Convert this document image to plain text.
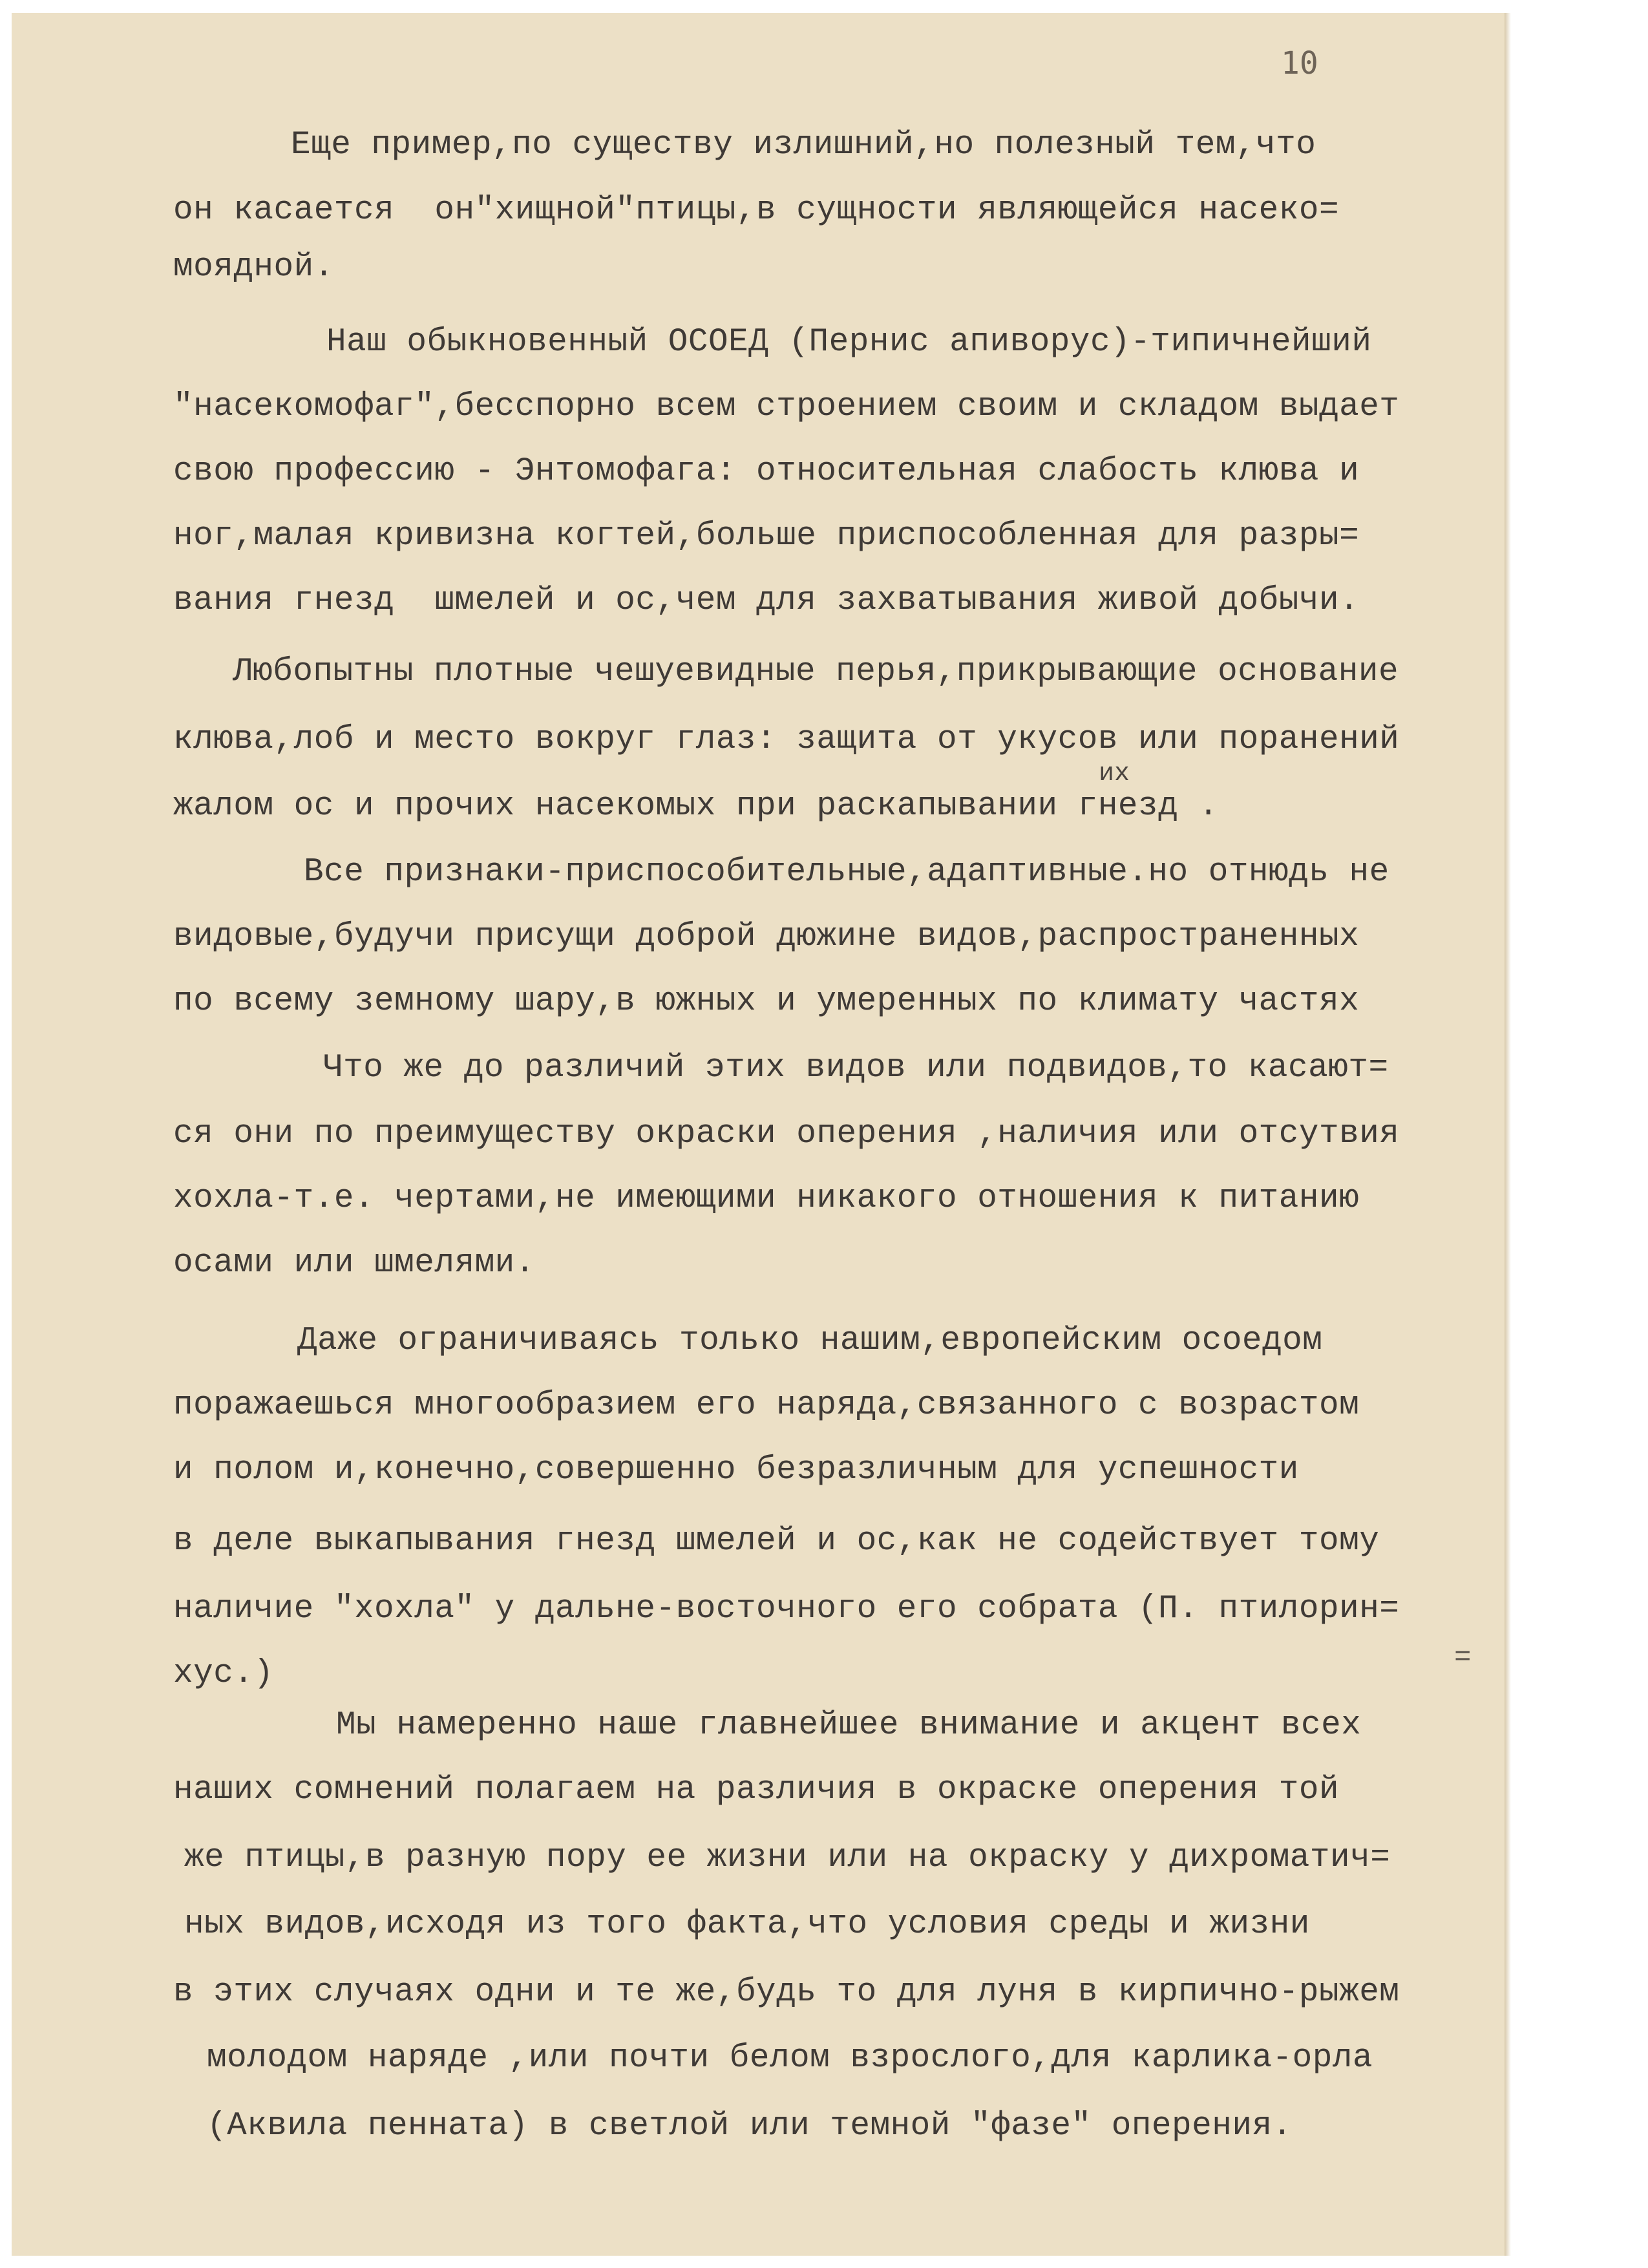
10
Еще пример,по существу излишний,но полезный тем,что
он касается  он"хищной"птицы,в сущности являющейся насеко=
моядной.
Наш обыкновенный ОСОЕД (Пернис апиворус)-типичнейший
"насекомофаг",бесспорно всем строением своим и складом выдает
свою профессию - Энтомофага: относительная слабость клюва и
ног,малая кривизна когтей,больше приспособленная для разры=
вания гнезд  шмелей и ос,чем для захватывания живой добычи.
Любопытны плотные чешуевидные перья,прикрывающие основание
клюва,лоб и место вокруг глаз: защита от укусов или поранений
их
жалом ос и прочих насекомых при раскапывании гнезд .
Все признаки-приспособительные,адаптивные.но отнюдь не
видовые,будучи присущи доброй дюжине видов,распространенных
по всему земному шару,в южных и умеренных по климату частях
Что же до различий этих видов или подвидов,то касают=
ся они по преимуществу окраски оперения ,наличия или отсутвия
хохла-т.е. чертами,не имеющими никакого отношения к питанию
осами или шмелями.
Даже ограничиваясь только нашим,европейским осоедом
поражаешься многообразием его наряда,связанного с возрастом
и полом и,конечно,совершенно безразличным для успешности
в деле выкапывания гнезд шмелей и ос,как не содействует тому
наличие "хохла" у дальне-восточного его собрата (П. птилорин=
=
хус.)
Мы намеренно наше главнейшее внимание и акцент всех
наших сомнений полагаем на различия в окраске оперения той
же птицы,в разную пору ее жизни или на окраску у дихроматич=
ных видов,исходя из того факта,что условия среды и жизни
в этих случаях одни и те же,будь то для луня в кирпично-рыжем
молодом наряде ,или почти белом взрослого,для карлика-орла
(Аквила пенната) в светлой или темной "фазе" оперения.
